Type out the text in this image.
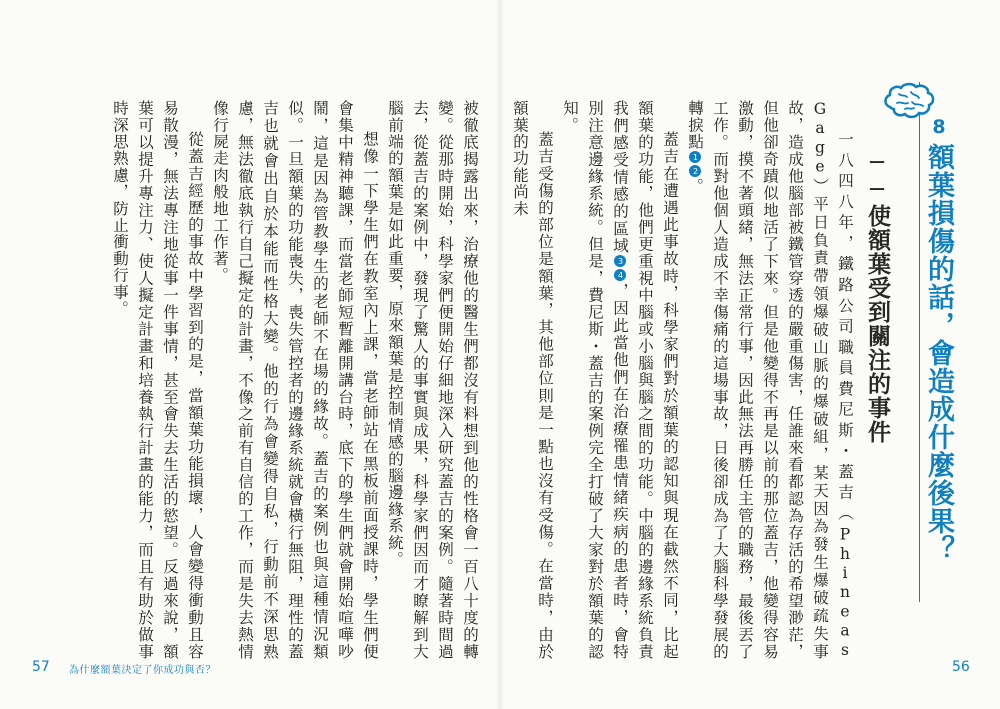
被徹底揭露出來，治療他的醫生們都沒有料想到他的性格會一百八十度的轉變。從那時開始，科學家們便開始仔細地深入研究蓋吉的案例。隨著時間過去，從蓋吉的案例中，發現了驚人的事實與成果，科學家們因而才瞭解到大腦前端的額葉是如此重要，原來額葉是控制情感的腦邊緣系統。

想像一下學生們在教室內上課，當老師站在黑板前面授課時，學生們便會集中精神聽課，而當老師短暫離開講台時，底下的學生們就會開始喧嘩吵鬧，這是因為管教學生的老師不在場的緣故。蓋吉的案例也與這種情況類似。一旦額葉的功能喪失，喪失管控者的邊緣系統就會橫行無阻，理性的蓋吉也就會出自於本能而性格大變。他的行為會變得自私，行動前不深思熟慮，無法徹底執行自己擬定的計畫，不像之前有自信的工作，而是失去熱情像行屍走肉般地工作著。

從蓋吉經歷的事故中學習到的是，當額葉功能損壞，人會變得衝動且容易散漫，無法專注地從事一件事情，甚至會失去生活的慾望。反過來說，額葉可以提升專注力、使人擬定計畫和培養執行計畫的能力，而且有助於做事時深思熟慮，防止衝動行事。	8
額葉損傷的話，會造成什麼後果？
──使額葉受到關注的事件

一八四八年，鐵路公司職員費尼斯・蓋吉（Phineas Gage）平日負責帶領爆破山脈的爆破組，某天因為發生爆破疏失事故，造成他腦部被鐵管穿透的嚴重傷害，任誰來看都認為存活的希望渺茫，但他卻奇蹟似地活了下來。但是他變得不再是以前的那位蓋吉，他變得容易激動，摸不著頭緒，無法正常行事，因此無法再勝任主管的職務，最後丟了工作。而對他個人造成不幸傷痛的這場事故，日後卻成為了大腦科學發展的轉捩點12。

蓋吉在遭遇此事故時，科學家們對於額葉的認知與現在截然不同，比起額葉的功能，他們更重視中腦或小腦與腦之間的功能。中腦的邊緣系統負責我們感受情感的區域34，因此當他們在治療罹患情緒疾病的患者時，會特別注意邊緣系統。但是，費尼斯・蓋吉的案例完全打破了大家對於額葉的認知。

蓋吉受傷的部位是額葉，其他部位則是一點也沒有受傷。在當時，由於額葉的功能尚未

57 為什麼額葉決定了你成功與否？	56
